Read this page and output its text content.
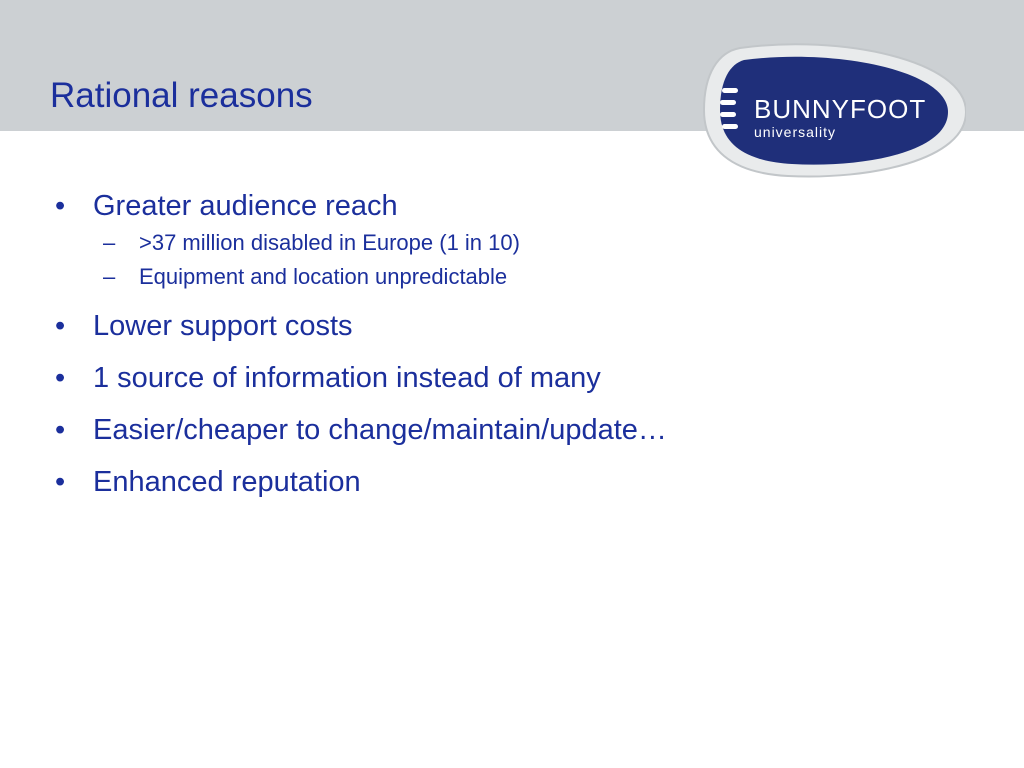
Rational reasons	BUNNYFOOT
universality
• Greater audience reach
– >37 million disabled in Europe (1 in 10)
– Equipment and location unpredictable
• Lower support costs
• 1 source of information instead of many
• Easier/cheaper to change/maintain/update…
• Enhanced reputation
